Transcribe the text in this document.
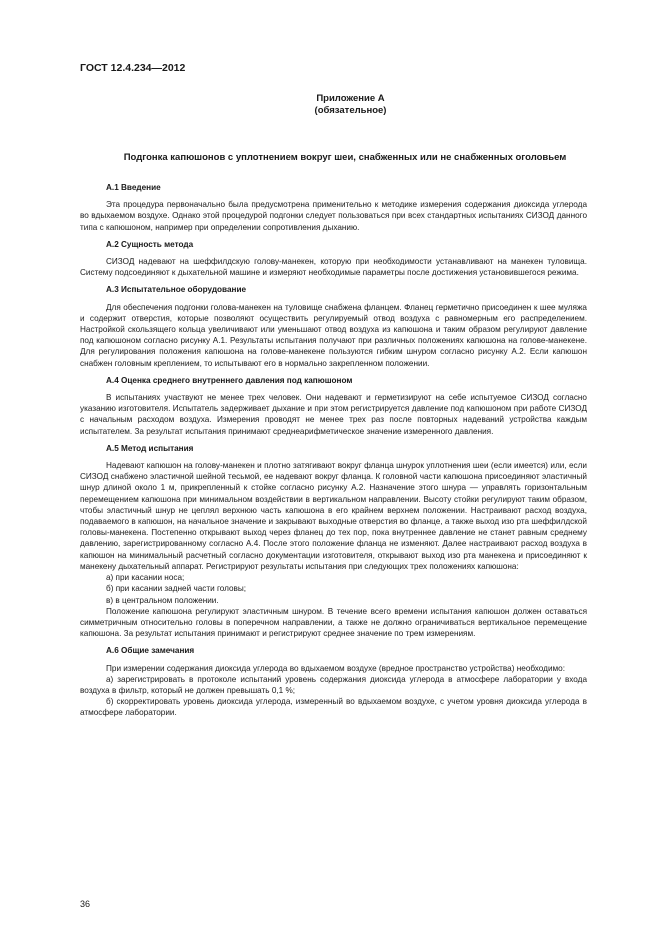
ГОСТ 12.4.234—2012
Приложение А
(обязательное)
Подгонка капюшонов с уплотнением вокруг шеи, снабженных или не снабженных оголовьем
А.1 Введение
Эта процедура первоначально была предусмотрена применительно к методике измерения содержания диоксида углерода во вдыхаемом воздухе. Однако этой процедурой подгонки следует пользоваться при всех стандартных испытаниях СИЗОД данного типа с капюшоном, например при определении сопротивления дыханию.
А.2 Сущность метода
СИЗОД надевают на шеффилдскую голову-манекен, которую при необходимости устанавливают на манекен туловища. Систему подсоединяют к дыхательной машине и измеряют необходимые параметры после достижения установившегося режима.
А.3 Испытательное оборудование
Для обеспечения подгонки голова-манекен на туловище снабжена фланцем. Фланец герметично присоединен к шее муляжа и содержит отверстия, которые позволяют осуществить регулируемый отвод воздуха с равномерным его распределением. Настройкой скользящего кольца увеличивают или уменьшают отвод воздуха из капюшона и таким образом регулируют давление под капюшоном согласно рисунку А.1. Результаты испытания получают при различных положениях капюшона на голове-манекене. Для регулирования положения капюшона на голове-манекене пользуются гибким шнуром согласно рисунку А.2. Если капюшон снабжен головным креплением, то испытывают его в нормально закрепленном положении.
А.4 Оценка среднего внутреннего давления под капюшоном
В испытаниях участвуют не менее трех человек. Они надевают и герметизируют на себе испытуемое СИЗОД согласно указанию изготовителя. Испытатель задерживает дыхание и при этом регистрируется давление под капюшоном при работе СИЗОД с начальным расходом воздуха. Измерения проводят не менее трех раз после повторных надеваний устройства каждым испытателем. За результат испытания принимают среднеарифметическое значение измеренного давления.
А.5 Метод испытания
Надевают капюшон на голову-манекен и плотно затягивают вокруг фланца шнурок уплотнения шеи (если имеется) или, если СИЗОД снабжено эластичной шейной тесьмой, ее надевают вокруг фланца. К головной части капюшона присоединяют эластичный шнур длиной около 1 м, прикрепленный к стойке согласно рисунку А.2. Назначение этого шнура — управлять горизонтальным перемещением капюшона при минимальном воздействии в вертикальном направлении. Высоту стойки регулируют таким образом, чтобы эластичный шнур не цеплял верхнюю часть капюшона в его крайнем верхнем положении. Настраивают расход воздуха, подаваемого в капюшон, на начальное значение и закрывают выходные отверстия во фланце, а также выход изо рта шеффилдской головы-манекена. Постепенно открывают выход через фланец до тех пор, пока внутреннее давление не станет равным среднему давлению, зарегистрированному согласно А.4. После этого положение фланца не изменяют. Далее настраивают расход воздуха в капюшон на минимальный расчетный согласно документации изготовителя, открывают выход изо рта манекена и присоединяют к манекену дыхательный аппарат. Регистрируют результаты испытания при следующих трех положениях капюшона:
а) при касании носа;
б) при касании задней части головы;
в) в центральном положении.
Положение капюшона регулируют эластичным шнуром. В течение всего времени испытания капюшон должен оставаться симметричным относительно головы в поперечном направлении, а также не должно ограничиваться вертикальное перемещение капюшона. За результат испытания принимают и регистрируют среднее значение по трем измерениям.
А.6 Общие замечания
При измерении содержания диоксида углерода во вдыхаемом воздухе (вредное пространство устройства) необходимо:
а) зарегистрировать в протоколе испытаний уровень содержания диоксида углерода в атмосфере лаборатории у входа воздуха в фильтр, который не должен превышать 0,1 %;
б) скорректировать уровень диоксида углерода, измеренный во вдыхаемом воздухе, с учетом уровня диоксида углерода в атмосфере лаборатории.
36
